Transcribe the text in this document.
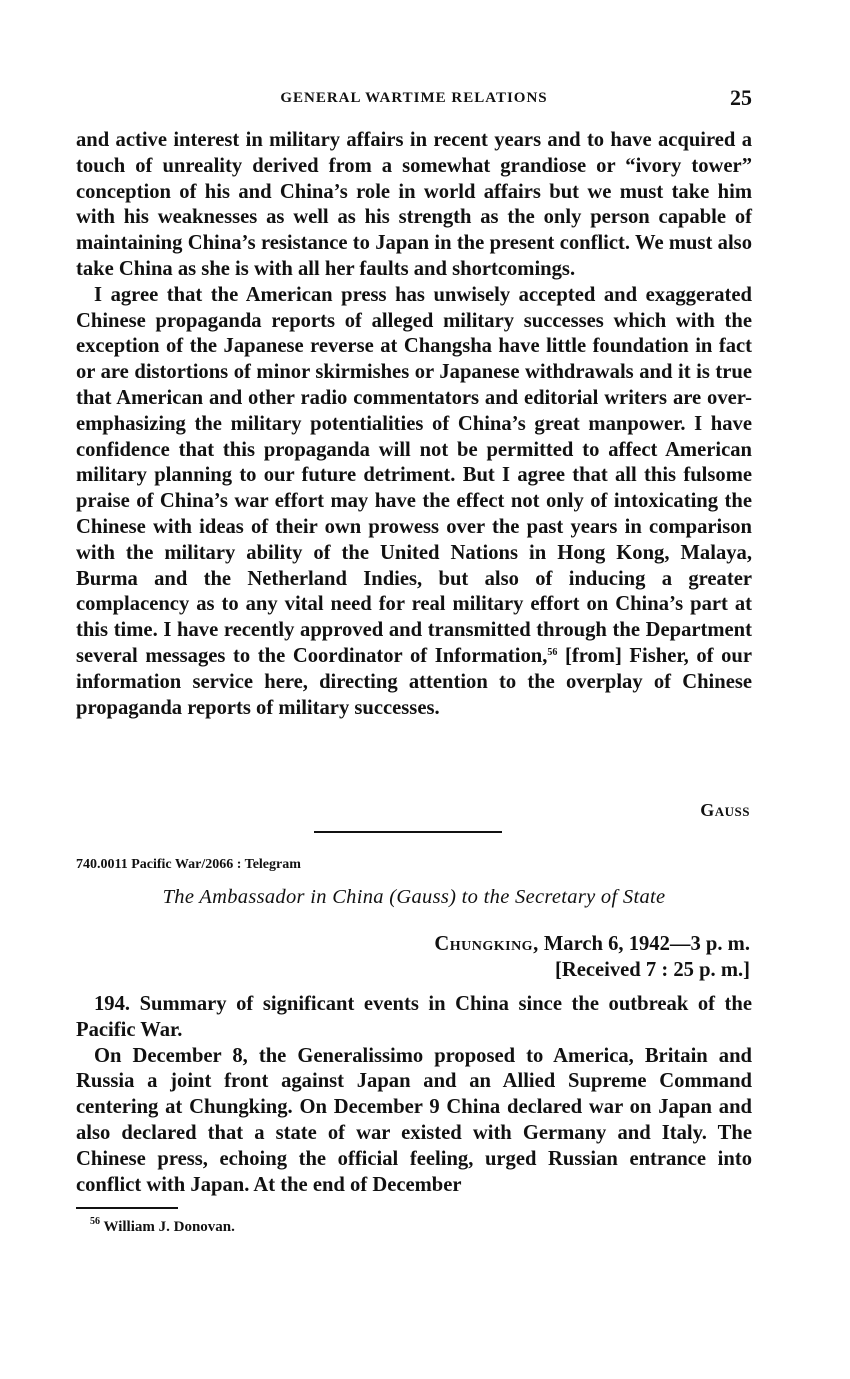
GENERAL WARTIME RELATIONS	25

and active interest in military affairs in recent years and to have acquired a touch of unreality derived from a somewhat grandiose or “ivory tower” conception of his and China’s role in world affairs but we must take him with his weaknesses as well as his strength as the only person capable of maintaining China’s resistance to Japan in the present conflict. We must also take China as she is with all her faults and shortcomings.

I agree that the American press has unwisely accepted and exaggerated Chinese propaganda reports of alleged military successes which with the exception of the Japanese reverse at Changsha have little foundation in fact or are distortions of minor skirmishes or Japanese withdrawals and it is true that American and other radio commentators and editorial writers are over-emphasizing the military potentialities of China’s great manpower. I have confidence that this propaganda will not be permitted to affect American military planning to our future detriment. But I agree that all this fulsome praise of China’s war effort may have the effect not only of intoxicating the Chinese with ideas of their own prowess over the past years in comparison with the military ability of the United Nations in Hong Kong, Malaya, Burma and the Netherland Indies, but also of inducing a greater complacency as to any vital need for real military effort on China’s part at this time. I have recently approved and transmitted through the Department several messages to the Coordinator of Information,$^{56}$ [from] Fisher, of our information service here, directing attention to the overplay of Chinese propaganda reports of military successes.

Gauss
740.0011 Pacific War/2066 : Telegram
The Ambassador in China (Gauss) to the Secretary of State
Chungking, March 6, 1942—3 p. m.
[Received 7 : 25 p. m.]

194. Summary of significant events in China since the outbreak of the Pacific War.

On December 8, the Generalissimo proposed to America, Britain and Russia a joint front against Japan and an Allied Supreme Command centering at Chungking. On December 9 China declared war on Japan and also declared that a state of war existed with Germany and Italy. The Chinese press, echoing the official feeling, urged Russian entrance into conflict with Japan. At the end of December

$^{56}$ William J. Donovan.
